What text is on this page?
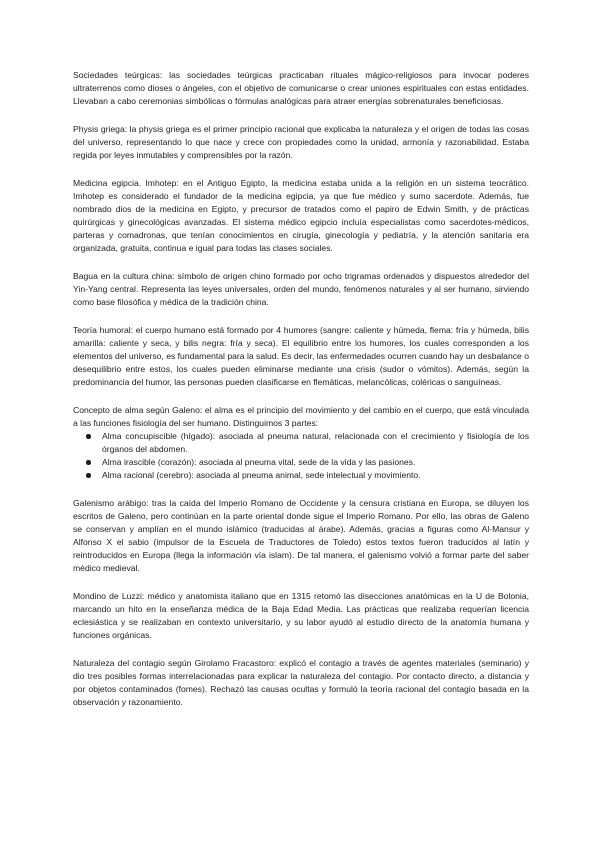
Sociedades teúrgicas: las sociedades teúrgicas practicaban rituales mágico-religiosos para invocar poderes ultraterrenos como dioses o ángeles, con el objetivo de comunicarse o crear uniones espirituales con estas entidades. Llevaban a cabo ceremonias simbólicas o fórmulas analógicas para atraer energías sobrenaturales beneficiosas.

Physis griega: la physis griega es el primer principio racional que explicaba la naturaleza y el origen de todas las cosas del universo, representando lo que nace y crece con propiedades como la unidad, armonía y razonabilidad. Estaba regida por leyes inmutables y comprensibles por la razón.

Medicina egipcia. Imhotep: en el Antiguo Egipto, la medicina estaba unida a la religión en un sistema teocrático. Imhotep es considerado el fundador de la medicina egipcia, ya que fue médico y sumo sacerdote. Además, fue nombrado dios de la medicina en Egipto, y precursor de tratados como el papiro de Edwin Smith, y de prácticas quirúrgicas y ginecológicas avanzadas. El sistema médico egipcio incluía especialistas como sacerdotes-médicos, parteras y comadronas, que tenían conocimientos en cirugía, ginecología y pediatría, y la atención sanitaria era organizada, gratuita, continua e igual para todas las clases sociales.

Bagua en la cultura china: símbolo de origen chino formado por ocho trigramas ordenados y dispuestos alrededor del Yin-Yang central. Representa las leyes universales, orden del mundo, fenómenos naturales y al ser humano, sirviendo como base filosófica y médica de la tradición china.

Teoría humoral: el cuerpo humano está formado por 4 humores (sangre: caliente y húmeda, flema: fría y húmeda, bilis amarilla: caliente y seca, y bilis negra: fría y seca). El equilibrio entre los humores, los cuales corresponden a los elementos del universo, es fundamental para la salud. Es decir, las enfermedades ocurren cuando hay un desbalance o desequilibrio entre estos, los cuales pueden eliminarse mediante una crisis (sudor o vómitos). Además, según la predominancia del humor, las personas pueden clasificarse en flemáticas, melancólicas, coléricas o sanguíneas.

Concepto de alma según Galeno: el alma es el principio del movimiento y del cambio en el cuerpo, que está vinculada a las funciones fisiología del ser humano. Distinguimos 3 partes:
Alma concupiscible (hígado): asociada al pneuma natural, relacionada con el crecimiento y fisiología de los órganos del abdomen.
Alma irascible (corazón): asociada al pneuma vital, sede de la vida y las pasiones.
Alma racional (cerebro): asociada al pneuma animal, sede intelectual y movimiento.

Galenismo arábigo: tras la caída del Imperio Romano de Occidente y la censura cristiana en Europa, se diluyen los escritos de Galeno, pero continúan en la parte oriental donde sigue el Imperio Romano. Por ello, las obras de Galeno se conservan y amplían en el mundo islámico (traducidas al árabe). Además, gracias a figuras como Al-Mansur y Alfonso X el sabio (impulsor de la Escuela de Traductores de Toledo) estos textos fueron traducidos al latín y reintroducidos en Europa (llega la información vía islam). De tal manera, el galenismo volvió a formar parte del saber médico medieval.

Mondino de Luzzi: médico y anatomista italiano que en 1315 retomó las disecciones anatómicas en la U de Bolonia, marcando un hito en la enseñanza médica de la Baja Edad Media. Las prácticas que realizaba requerían licencia eclesiástica y se realizaban en contexto universitario, y su labor ayudó al estudio directo de la anatomía humana y funciones orgánicas.

Naturaleza del contagio según Girolamo Fracastoro: explicó el contagio a través de agentes materiales (seminario) y dio tres posibles formas interrelacionadas para explicar la naturaleza del contagio. Por contacto directo, a distancia y por objetos contaminados (fomes). Rechazó las causas ocultas y formuló la teoría racional del contagio basada en la observación y razonamiento.
